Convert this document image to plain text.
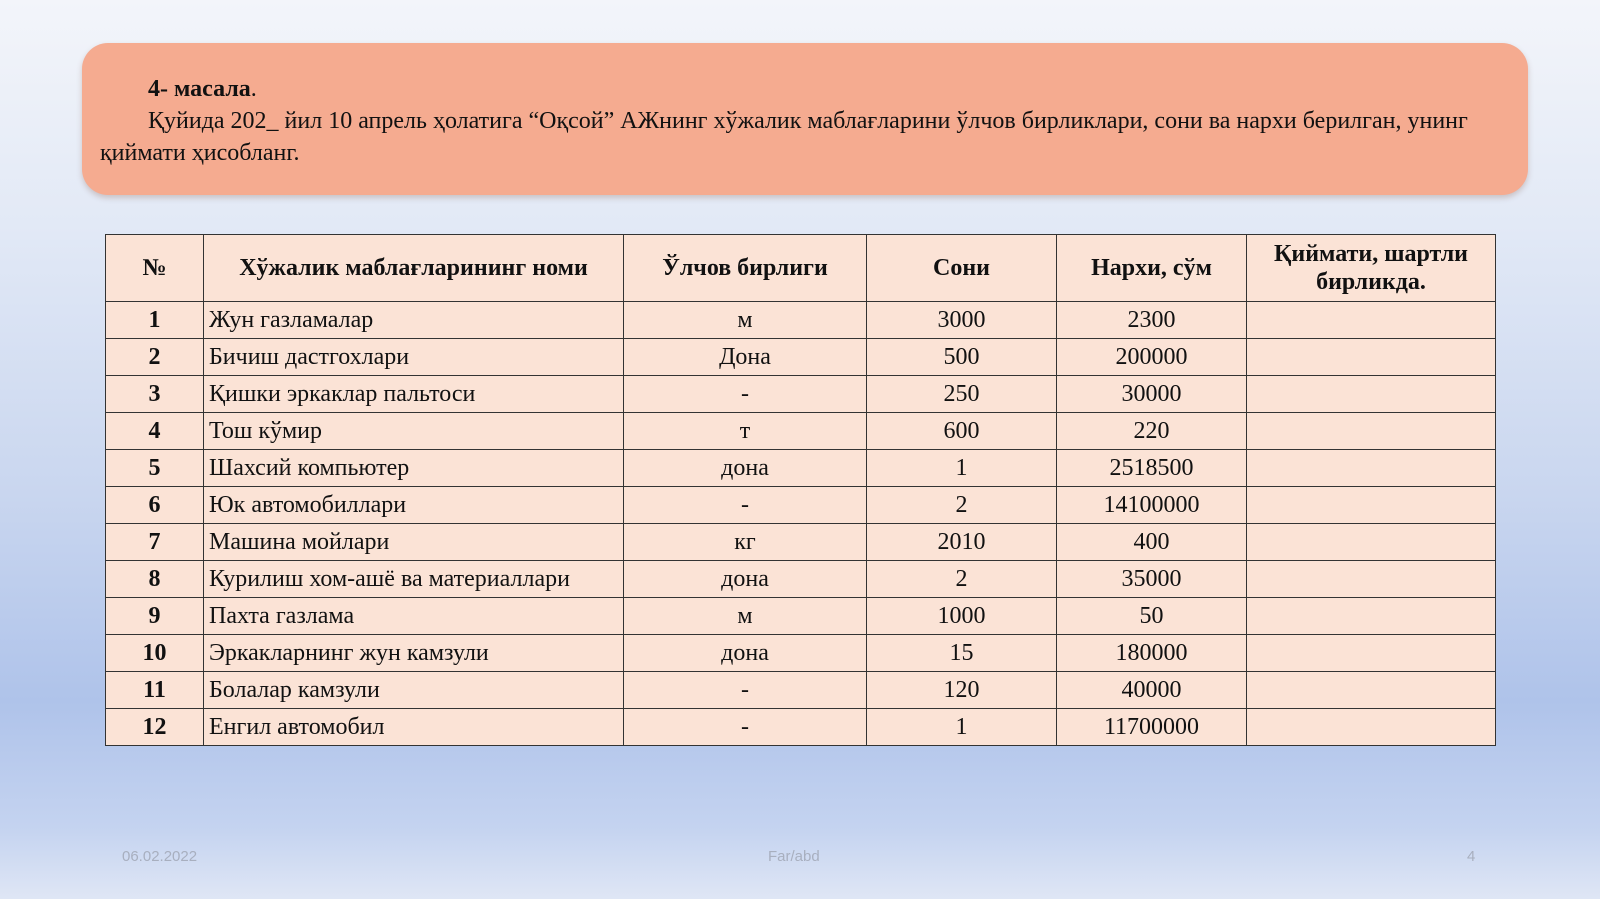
4- масала.
Қуйида 202_ йил 10 апрель ҳолатига “Оқсой” АЖнинг хўжалик маблағларини ўлчов бирликлари, сони ва нархи берилган, унинг қиймати ҳисобланг.
№	Хўжалик маблағларининг номи	Ўлчов бирлиги	Сони	Нархи, сўм	Қиймати, шартли бирликда.
1	Жун газламалар	м	3000	2300	
2	Бичиш дастгохлари	Дона	500	200000	
3	Қишки эркаклар пальтоси	-	250	30000	
4	Тош кўмир	т	600	220	
5	Шахсий компьютер	дона	1	2518500	
6	Юк автомобиллари	-	2	14100000	
7	Машина мойлари	кг	2010	400	
8	Курилиш хом-ашё ва материаллари	дона	2	35000	
9	Пахта газлама	м	1000	50	
10	Эркакларнинг жун камзули	дона	15	180000	
11	Болалар камзули	-	120	40000	
12	Енгил автомобил	-	1	11700000	
06.02.2022	Far/abd	4
